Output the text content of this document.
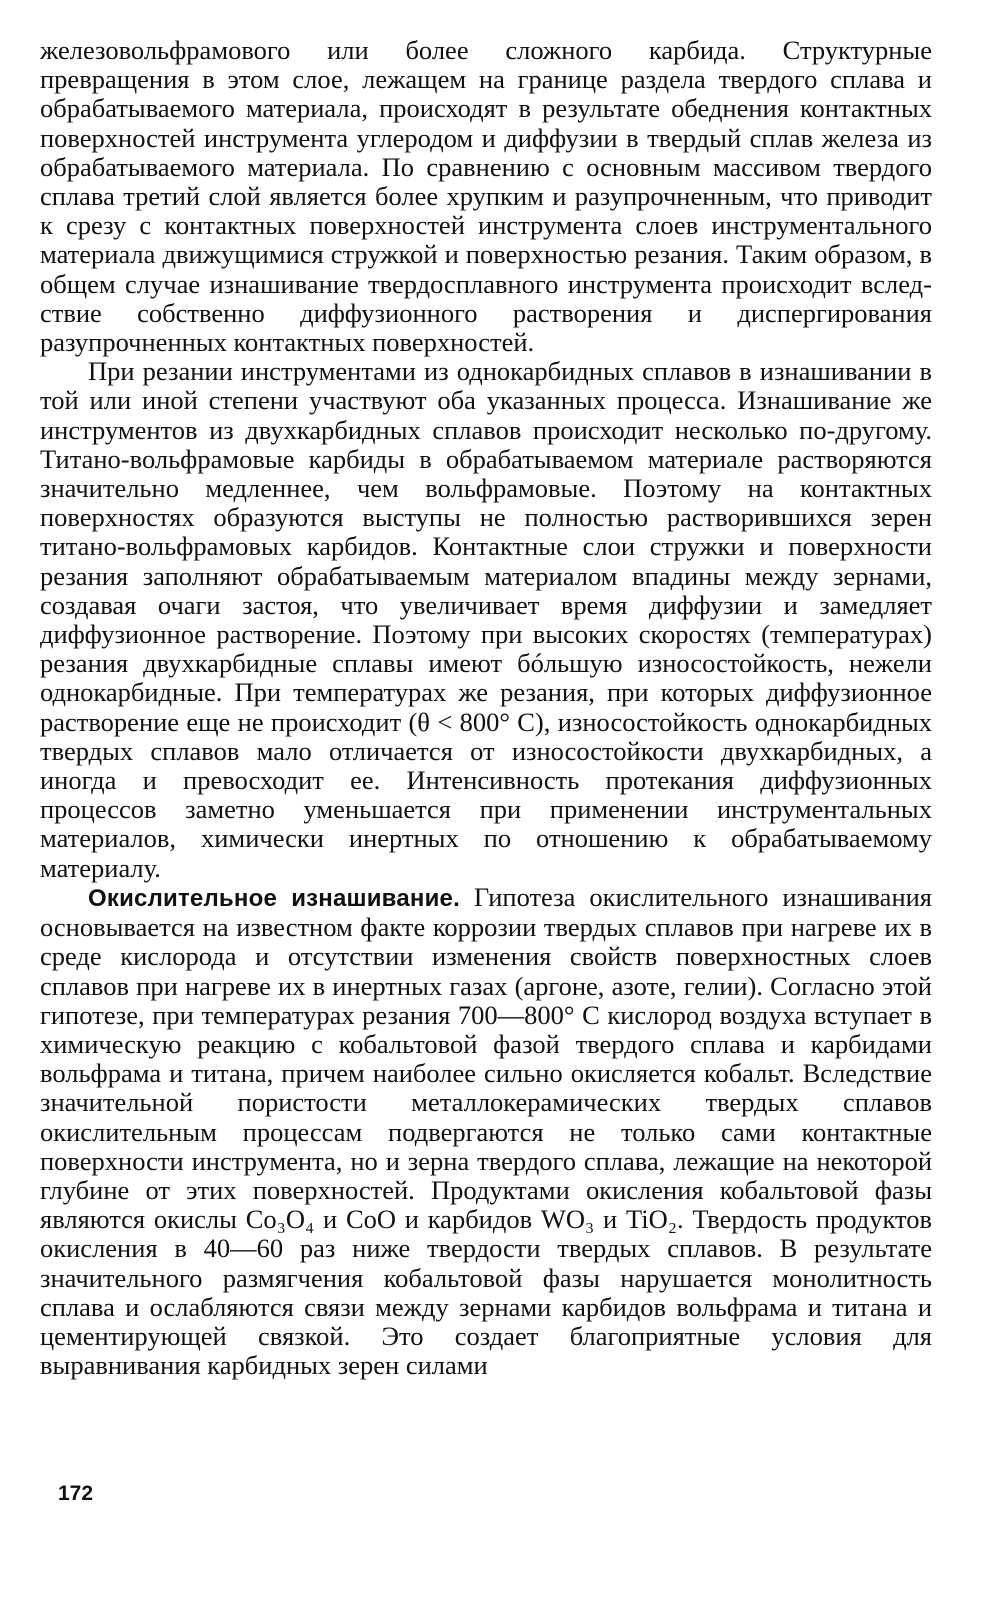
железовольфрамового или более сложного карбида. Структурные превращения в этом слое, лежащем на границе раздела твердого сплава и обрабатываемого материала, происходят в результате обеднения контактных поверхностей инструмента углеродом и диффузии в твердый сплав железа из обрабатываемого материала. По сравнению с основным массивом твердого сплава третий слой является более хрупким и разупрочненным, что приводит к срезу с контактных поверхностей инструмента слоев инструментального материала движущимися стружкой и поверхностью резания. Таким образом, в общем случае изнашивание твердосплавного инструмента происходит вследствие собственно диффузионного растворения и диспергирования разупрочненных контактных поверхностей.

При резании инструментами из однокарбидных сплавов в изнашивании в той или иной степени участвуют оба указанных процесса. Изнашивание же инструментов из двухкарбидных сплавов происходит несколько по-другому. Титано-вольфрамовые карбиды в обрабатываемом материале растворяются значительно медленнее, чем вольфрамовые. Поэтому на контактных поверхностях образуются выступы не полностью растворившихся зерен титано-вольфрамовых карбидов. Контактные слои стружки и поверхности резания заполняют обрабатываемым материалом впадины между зернами, создавая очаги застоя, что увеличивает время диффузии и замедляет диффузионное растворение. Поэтому при высоких скоростях (температурах) резания двухкарбидные сплавы имеют бóльшую износостойкость, нежели однокарбидные. При температурах же резания, при которых диффузионное растворение еще не происходит (θ < 800° C), износостойкость однокарбидных твердых сплавов мало отличается от износостойкости двухкарбидных, а иногда и превосходит ее. Интенсивность протекания диффузионных процессов заметно уменьшается при применении инструментальных материалов, химически инертных по отношению к обрабатываемому материалу.

Окислительное изнашивание. Гипотеза окислительного изнашивания основывается на известном факте коррозии твердых сплавов при нагреве их в среде кислорода и отсутствии изменения свойств поверхностных слоев сплавов при нагреве их в инертных газах (аргоне, азоте, гелии). Согласно этой гипотезе, при температурах резания 700—800° C кислород воздуха вступает в химическую реакцию с кобальтовой фазой твердого сплава и карбидами вольфрама и титана, причем наиболее сильно окисляется кобальт. Вследствие значительной пористости металлокерамических твердых сплавов окислительным процессам подвергаются не только сами контактные поверхности инструмента, но и зерна твердого сплава, лежащие на некоторой глубине от этих поверхностей. Продуктами окисления кобальтовой фазы являются окислы Co₃O₄ и CoO и карбидов WO₃ и TiO₂. Твердость продуктов окисления в 40—60 раз ниже твердости твердых сплавов. В результате значительного размягчения кобальтовой фазы нарушается монолитность сплава и ослабляются связи между зернами карбидов вольфрама и титана и цементирующей связкой. Это создает благоприятные условия для выравнивания карбидных зерен силами

172
